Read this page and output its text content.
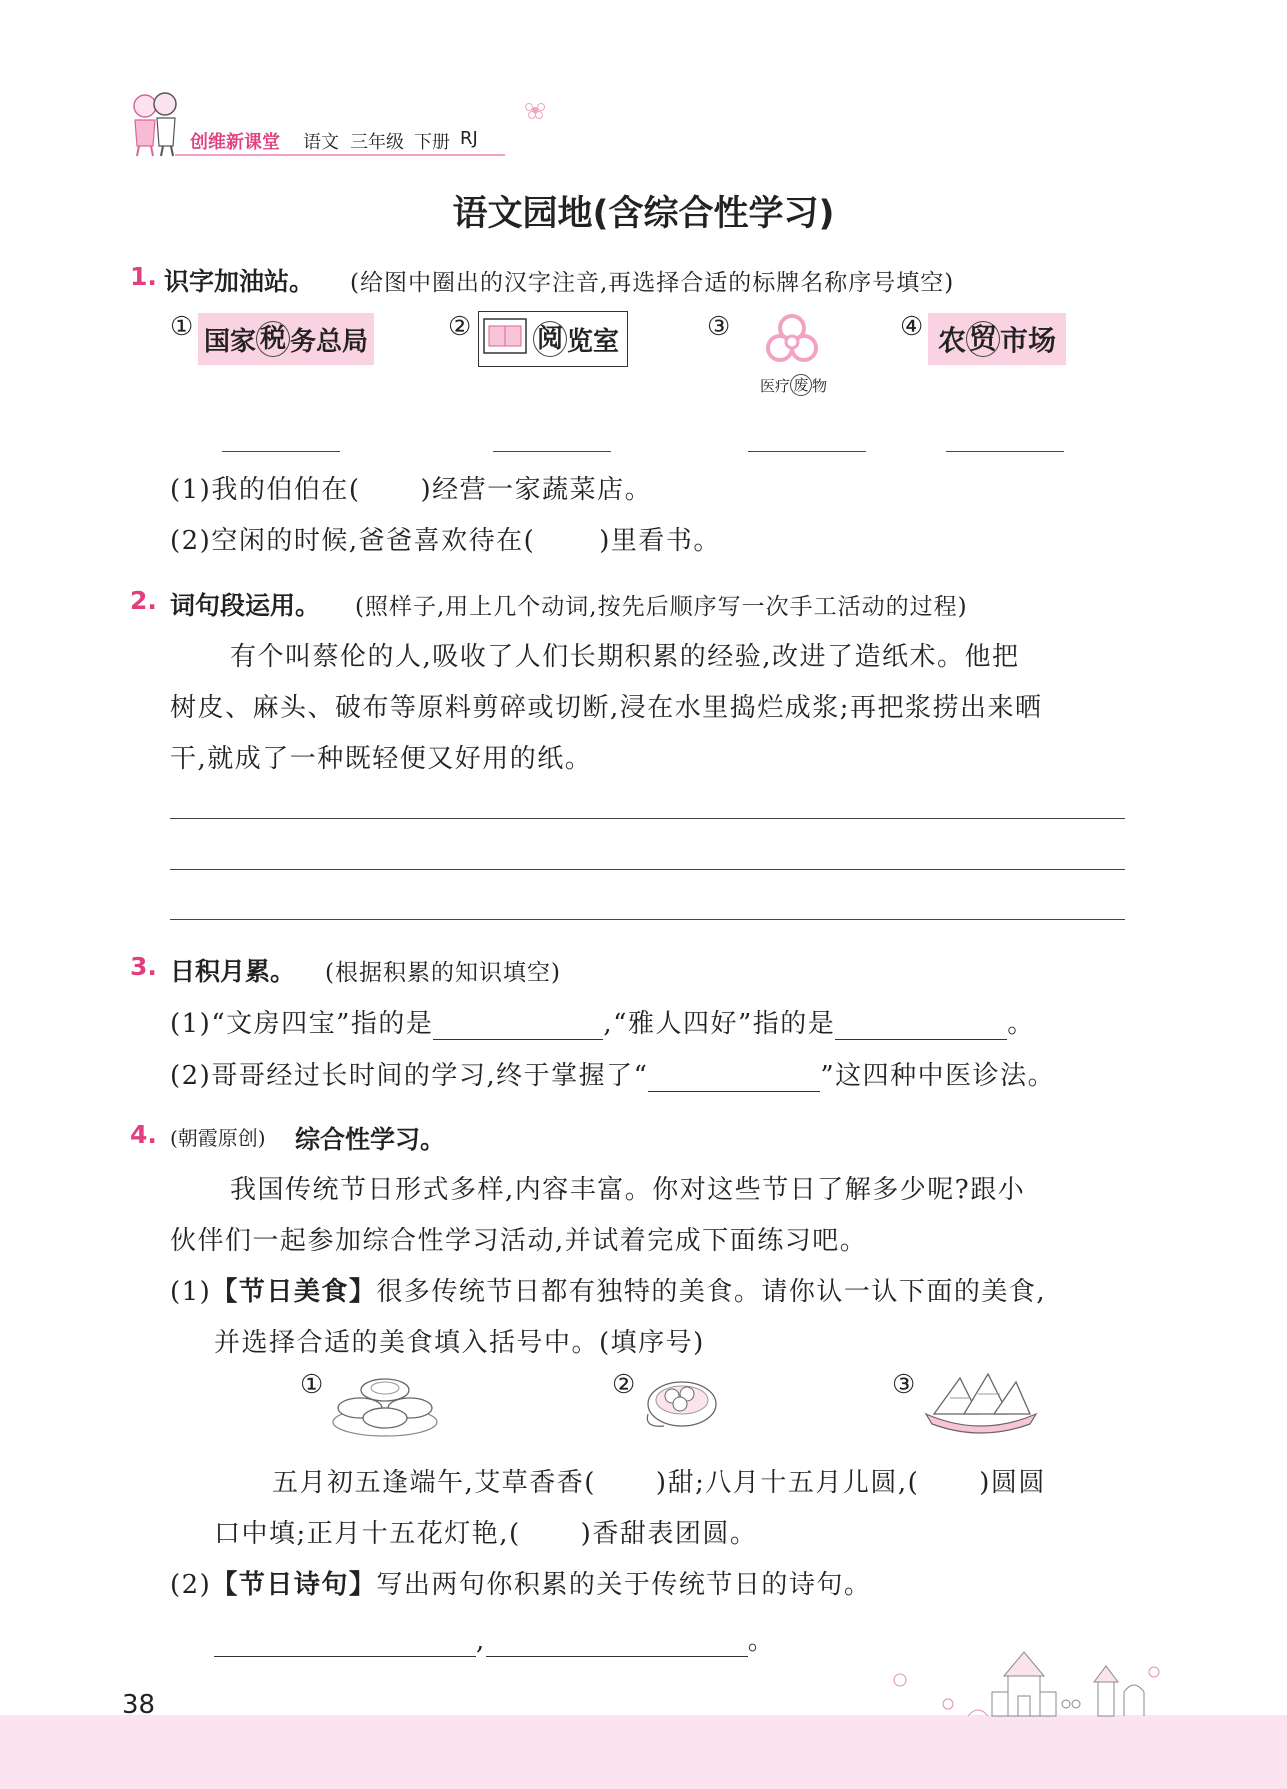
创维新课堂 语文 三年级 下册 RJ
语文园地(含综合性学习)
1. 识字加油站。 (给图中圈出的汉字注音,再选择合适的标牌名称序号填空)
① 国家 税 务总局	②	阅 览室	③
医疗 废 物
④ 农 贸 市场
(1)我的伯伯在( )经营一家蔬菜店。
(2)空闲的时候,爸爸喜欢待在( )里看书。
2. 词句段运用。 (照样子,用上几个动词,按先后顺序写一次手工活动的过程)
有个叫蔡伦的人,吸收了人们长期积累的经验,改进了造纸术。他把
树皮、麻头、破布等原料剪碎或切断,浸在水里捣烂成浆;再把浆捞出来晒
干,就成了一种既轻便又好用的纸。
3. 日积月累。 (根据积累的知识填空)
(1)“文房四宝”指的是	,“雅人四好”指的是	。
(2)哥哥经过长时间的学习,终于掌握了“	”这四种中医诊法。
4. (朝霞原创) 综合性学习。
我国传统节日形式多样,内容丰富。你对这些节日了解多少呢?跟小
伙伴们一起参加综合性学习活动,并试着完成下面练习吧。
(1)【节日美食】很多传统节日都有独特的美食。请你认一认下面的美食,
并选择合适的美食填入括号中。(填序号)
①	②	③
五月初五逢端午,艾草香香( )甜;八月十五月儿圆,( )圆圆
口中填;正月十五花灯艳,( )香甜表团圆。
(2)【节日诗句】写出两句你积累的关于传统节日的诗句。
,	。
38
